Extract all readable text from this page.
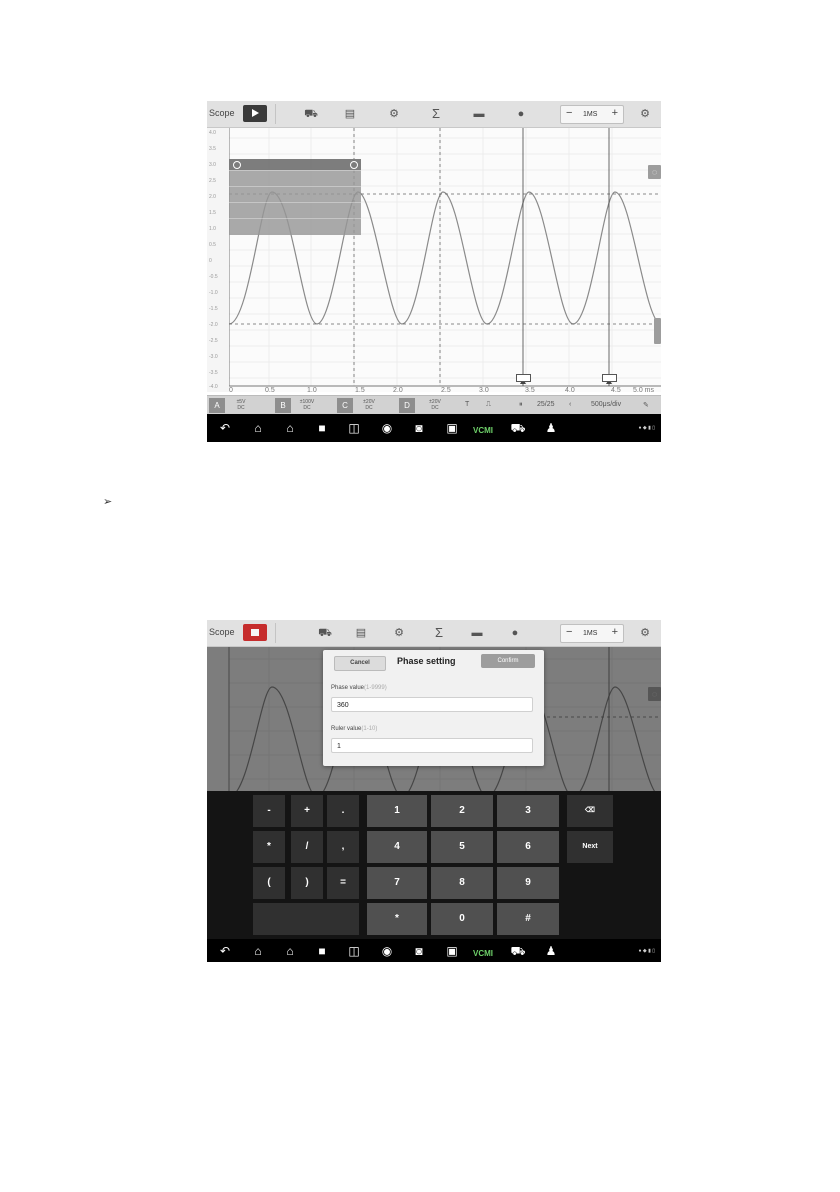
Scope	⛟ ▤	⚙	Σ	▬	●	− 1MS + ⚙
◌
4.0
3.5
3.0
2.5
2.0
1.5
1.0
0.5
0
-0.5
-1.0
-1.5
-2.0
-2.5
-3.0
-3.5
-4.0 0	0.5	1.0	1.5	2.0	2.5	3.0	3.5	4.0	4.5 5.0 ms
A	±5V
DC	B	±100V
DC	C	±20V
DC	D	±20V
DC	T ⎍	⏸ 25/25 ‹	500μs/div	✎
↶	⌂	⌂	■	◫ ◉	◙	▣ VCMI ⛟ ♟	● ◆ ▮ ▯
➢
Scope	⛟ ▤	⚙	Σ	▬	●	− 1MS + ⚙
Cancel	Phase setting	Confirm
Phase value(1-9999)
360
Ruler value(1-10)
1
-	+	.	1	2	3	⌫
*	/	,	4	5	6	Next
(	)	=	7	8	9
*	0	#
↶	⌂	⌂	■	◫ ◉	◙	▣ VCMI ⛟ ♟	● ◆ ▮ ▯
